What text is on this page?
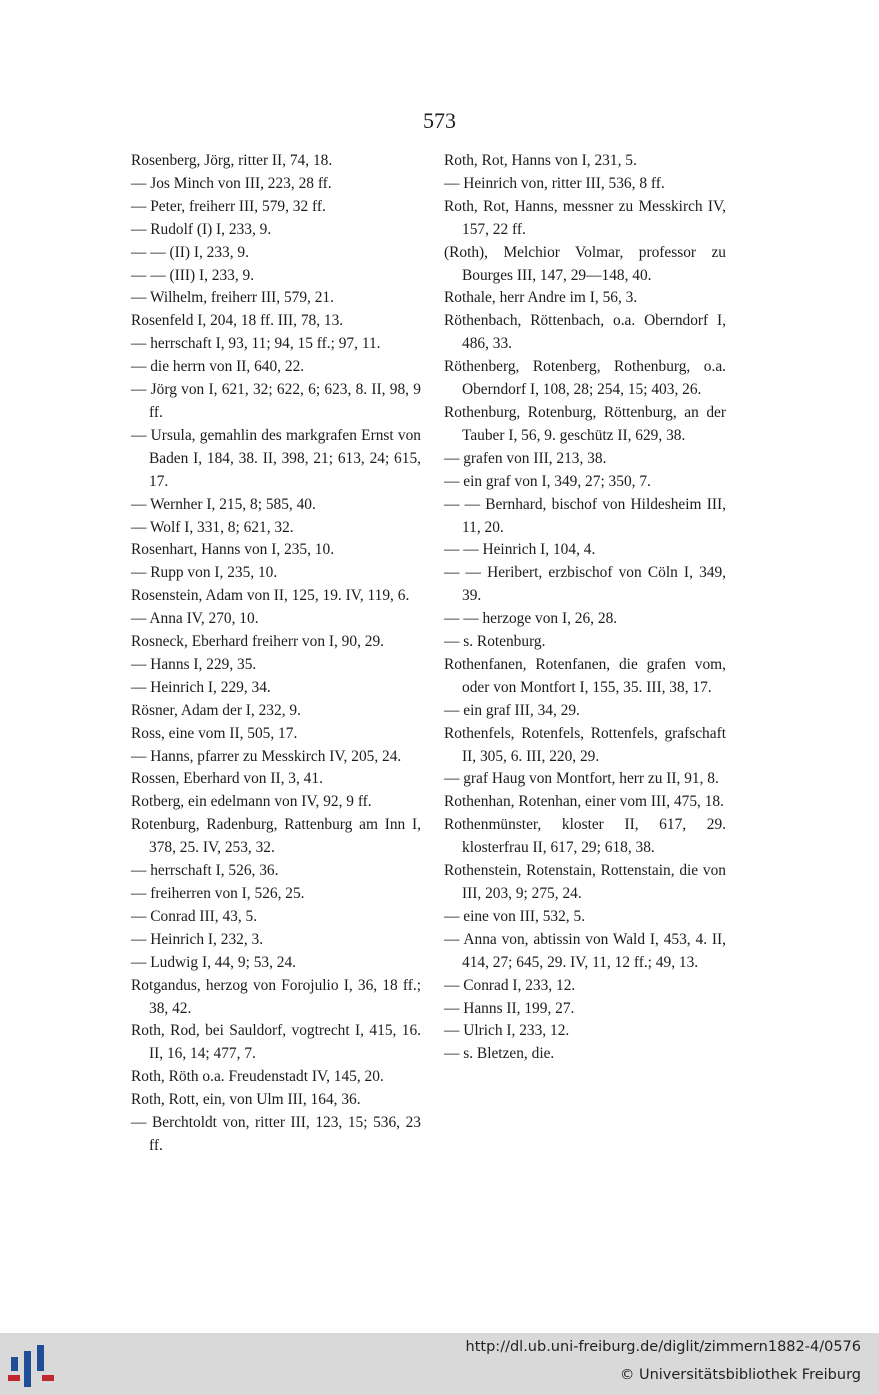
573
Rosenberg, Jörg, ritter II, 74, 18.
— Jos Minch von III, 223, 28 ff.
— Peter, freiherr III, 579, 32 ff.
— Rudolf (I) I, 233, 9.
— — (II) I, 233, 9.
— — (III) I, 233, 9.
— Wilhelm, freiherr III, 579, 21.
Rosenfeld I, 204, 18 ff. III, 78, 13.
— herrschaft I, 93, 11; 94, 15 ff.; 97, 11.
— die herrn von II, 640, 22.
— Jörg von I, 621, 32; 622, 6; 623, 8. II, 98, 9 ff.
— Ursula, gemahlin des markgrafen Ernst von Baden I, 184, 38. II, 398, 21; 613, 24; 615, 17.
— Wernher I, 215, 8; 585, 40.
— Wolf I, 331, 8; 621, 32.
Rosenhart, Hanns von I, 235, 10.
— Rupp von I, 235, 10.
Rosenstein, Adam von II, 125, 19. IV, 119, 6.
— Anna IV, 270, 10.
Rosneck, Eberhard freiherr von I, 90, 29.
— Hanns I, 229, 35.
— Heinrich I, 229, 34.
Rösner, Adam der I, 232, 9.
Ross, eine vom II, 505, 17.
— Hanns, pfarrer zu Messkirch IV, 205, 24.
Rossen, Eberhard von II, 3, 41.
Rotberg, ein edelmann von IV, 92, 9 ff.
Rotenburg, Radenburg, Rattenburg am Inn I, 378, 25. IV, 253, 32.
— herrschaft I, 526, 36.
— freiherren von I, 526, 25.
— Conrad III, 43, 5.
— Heinrich I, 232, 3.
— Ludwig I, 44, 9; 53, 24.
Rotgandus, herzog von Forojulio I, 36, 18 ff.; 38, 42.
Roth, Rod, bei Sauldorf, vogtrecht I, 415, 16. II, 16, 14; 477, 7.
Roth, Röth o.a. Freudenstadt IV, 145, 20.
Roth, Rott, ein, von Ulm III, 164, 36.
— Berchtoldt von, ritter III, 123, 15; 536, 23 ff.
Roth, Rot, Hanns von I, 231, 5.
— Heinrich von, ritter III, 536, 8 ff.
Roth, Rot, Hanns, messner zu Messkirch IV, 157, 22 ff.
(Roth), Melchior Volmar, professor zu Bourges III, 147, 29—148, 40.
Rothale, herr Andre im I, 56, 3.
Röthenbach, Röttenbach, o.a. Oberndorf I, 486, 33.
Röthenberg, Rotenberg, Rothenburg, o.a. Oberndorf I, 108, 28; 254, 15; 403, 26.
Rothenburg, Rotenburg, Röttenburg, an der Tauber I, 56, 9. geschütz II, 629, 38.
— grafen von III, 213, 38.
— ein graf von I, 349, 27; 350, 7.
— — Bernhard, bischof von Hildesheim III, 11, 20.
— — Heinrich I, 104, 4.
— — Heribert, erzbischof von Cöln I, 349, 39.
— — herzoge von I, 26, 28.
— s. Rotenburg.
Rothenfanen, Rotenfanen, die grafen vom, oder von Montfort I, 155, 35. III, 38, 17.
— ein graf III, 34, 29.
Rothenfels, Rotenfels, Rottenfels, grafschaft II, 305, 6. III, 220, 29.
— graf Haug von Montfort, herr zu II, 91, 8.
Rothenhan, Rotenhan, einer vom III, 475, 18.
Rothenmünster, kloster II, 617, 29. klosterfrau II, 617, 29; 618, 38.
Rothenstein, Rotenstain, Rottenstain, die von III, 203, 9; 275, 24.
— eine von III, 532, 5.
— Anna von, abtissin von Wald I, 453, 4. II, 414, 27; 645, 29. IV, 11, 12 ff.; 49, 13.
— Conrad I, 233, 12.
— Hanns II, 199, 27.
— Ulrich I, 233, 12.
— s. Bletzen, die.
http://dl.ub.uni-freiburg.de/diglit/zimmern1882-4/0576
© Universitätsbibliothek Freiburg
